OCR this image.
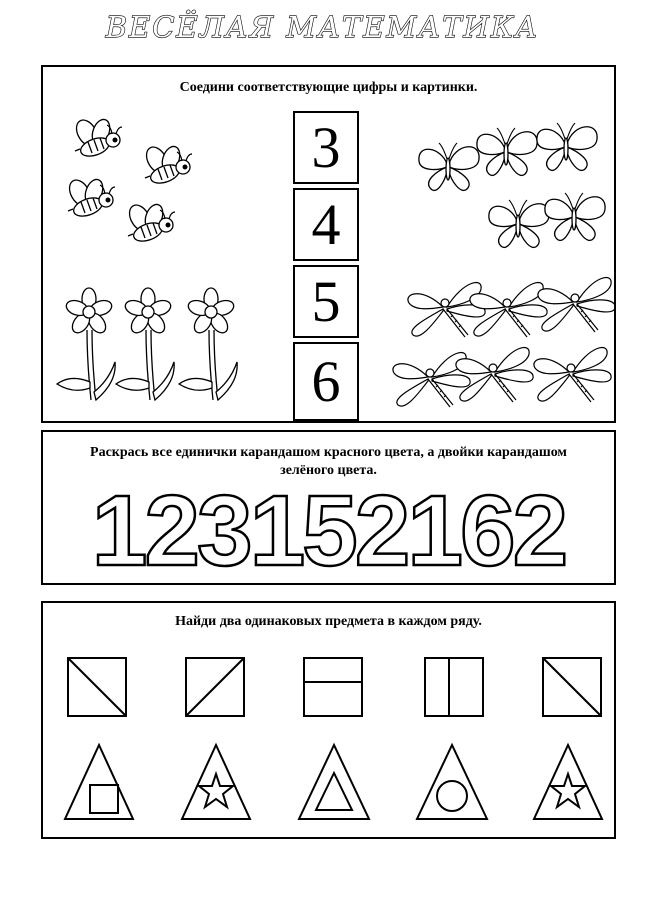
ВЕСЁЛАЯ МАТЕМАТИКА
Соедини соответствующие цифры и картинки.
3
4
5
6
Раскрась все единички карандашом красного цвета, а двойки карандашом зелёного цвета.
123152162
Найди два одинаковых предмета в каждом ряду.
